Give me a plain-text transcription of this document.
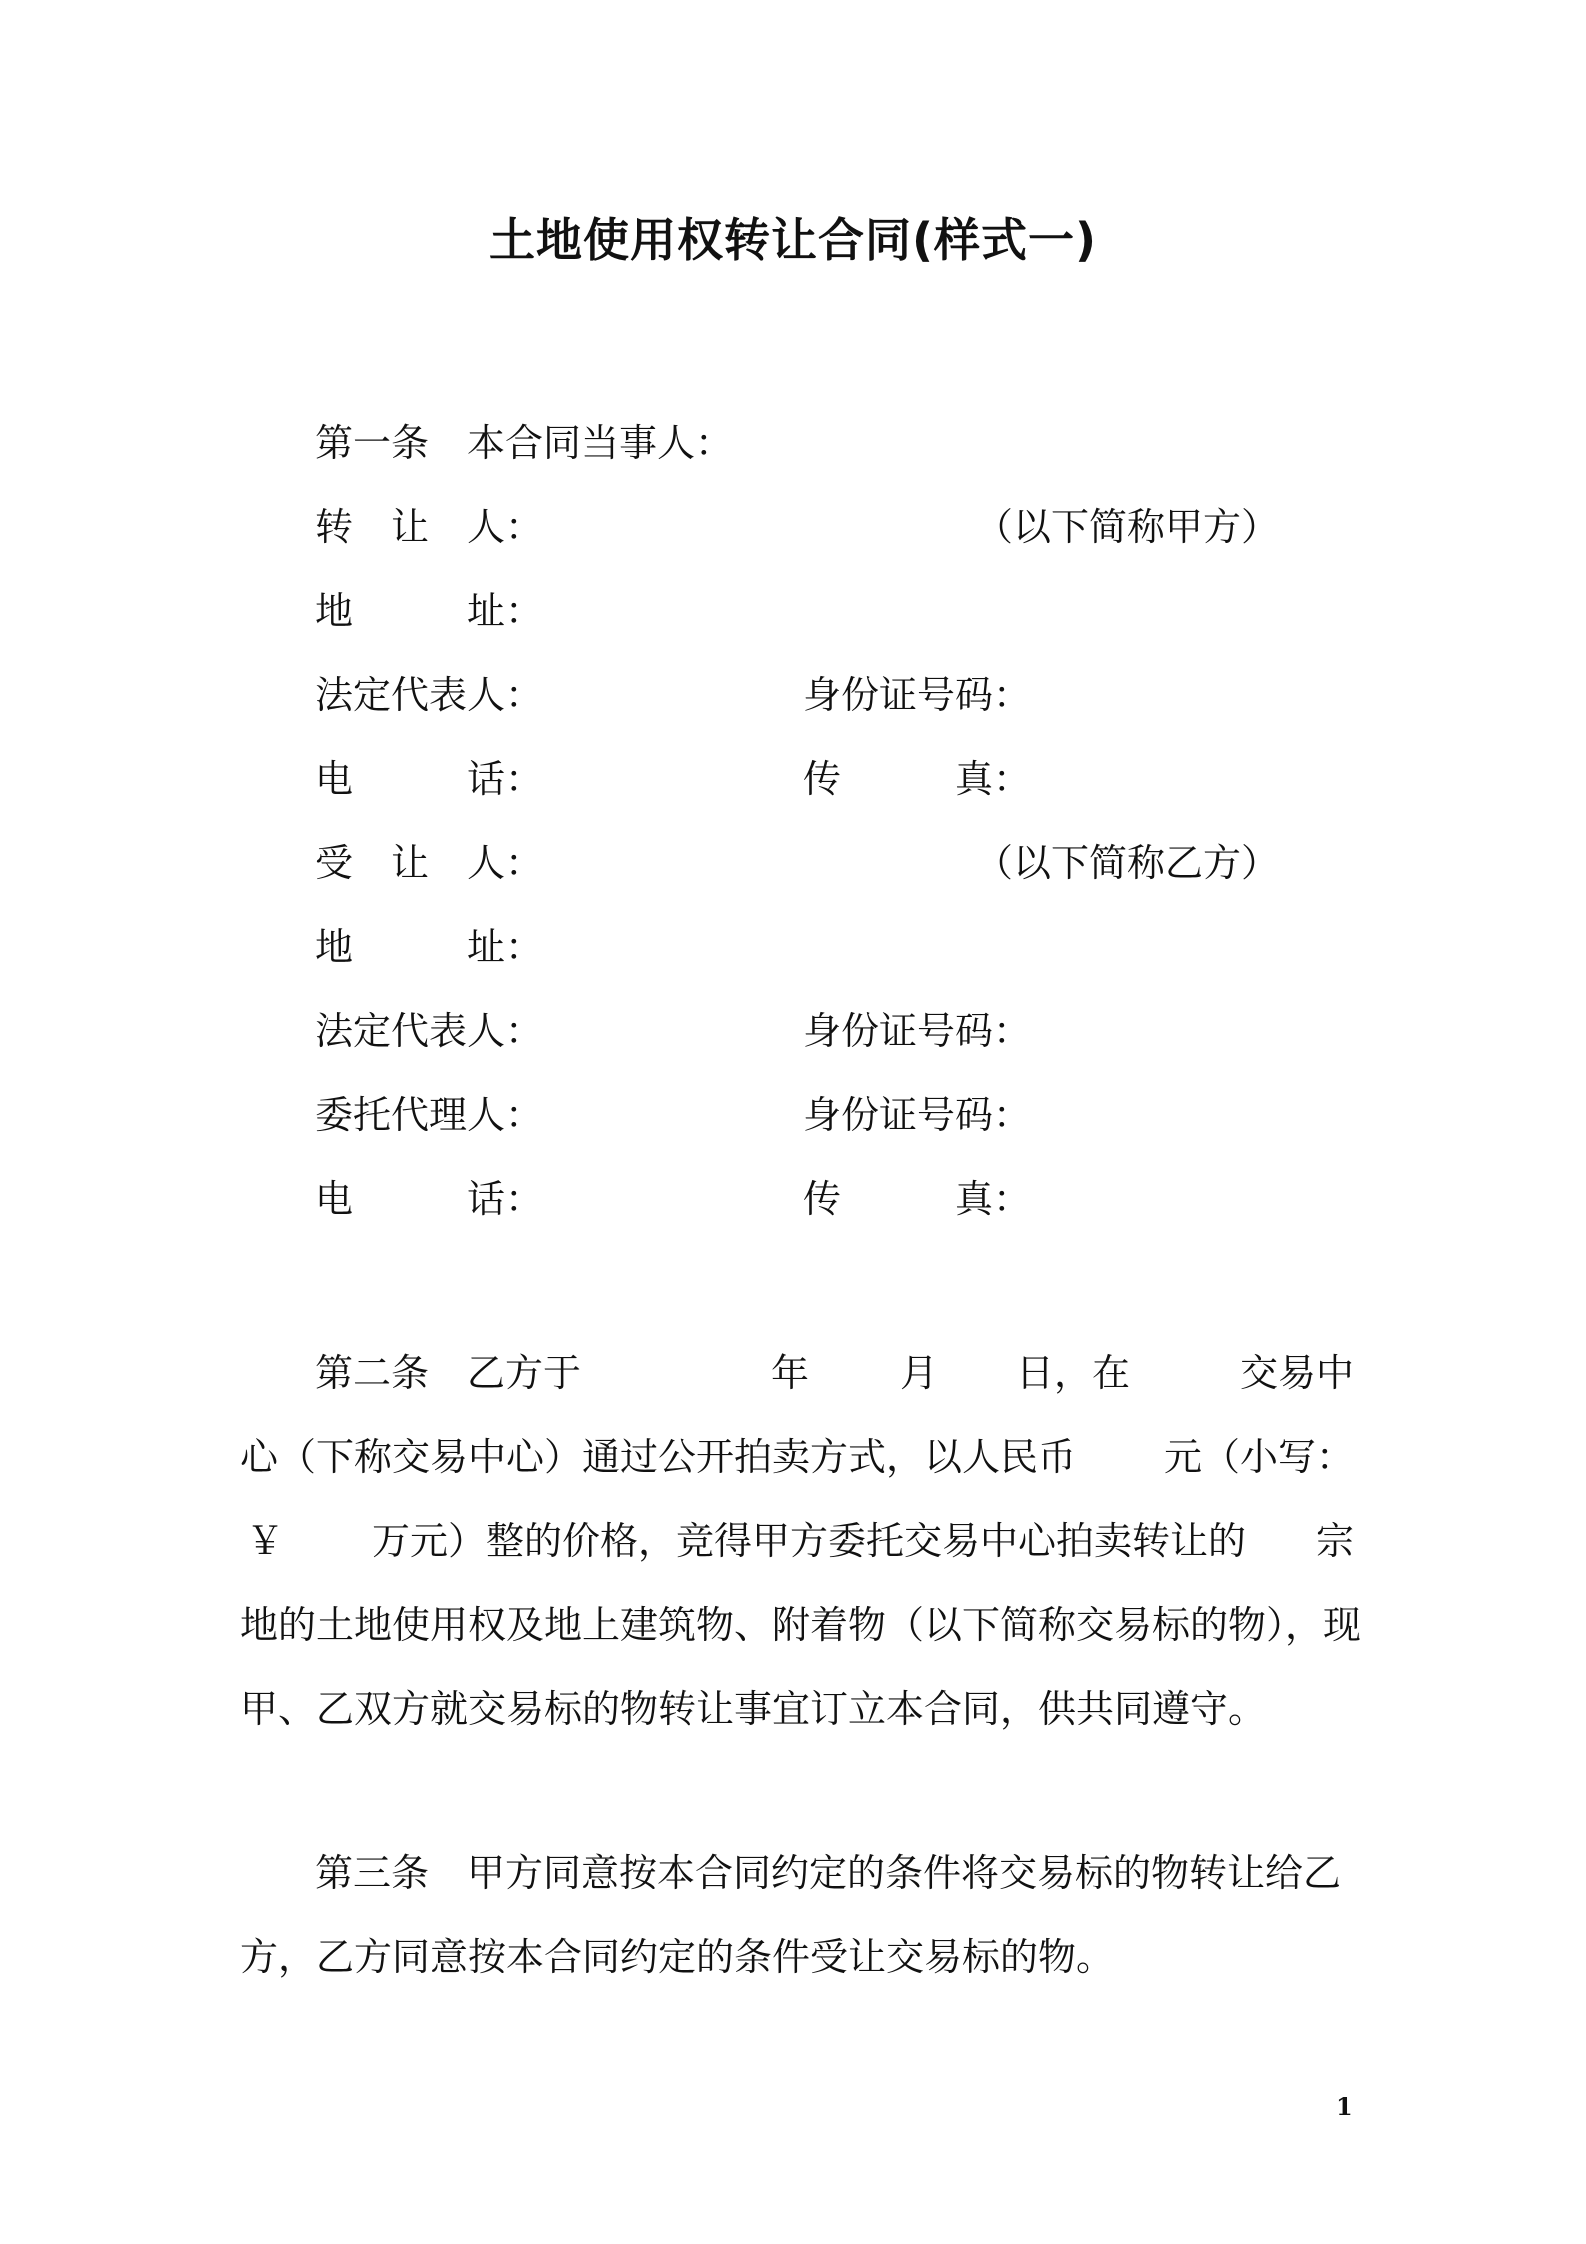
土地使用权转让合同(样式一)
第一条 本合同当事人：
转　让　人：	（以下简称甲方）
地　　　址：
法定代表人：	身份证号码：
电　　　话：	传　　　真：
受　让　人：	（以下简称乙方）
地　　　址：
法定代表人：	身份证号码：
委托代理人：	身份证号码：
电　　　话：	传　　　真：
第二条 乙方于	年 月 日，在	交易中
心（下称交易中心）通过公开拍卖方式，以人民币 元（小写：
￥ 万元）整的价格，竞得甲方委托交易中心拍卖转让的 宗
地的土地使用权及地上建筑物、附着物（以下简称交易标的物），现
甲、乙双方就交易标的物转让事宜订立本合同，供共同遵守。
第三条　甲方同意按本合同约定的条件将交易标的物转让给乙
方，乙方同意按本合同约定的条件受让交易标的物。
1
